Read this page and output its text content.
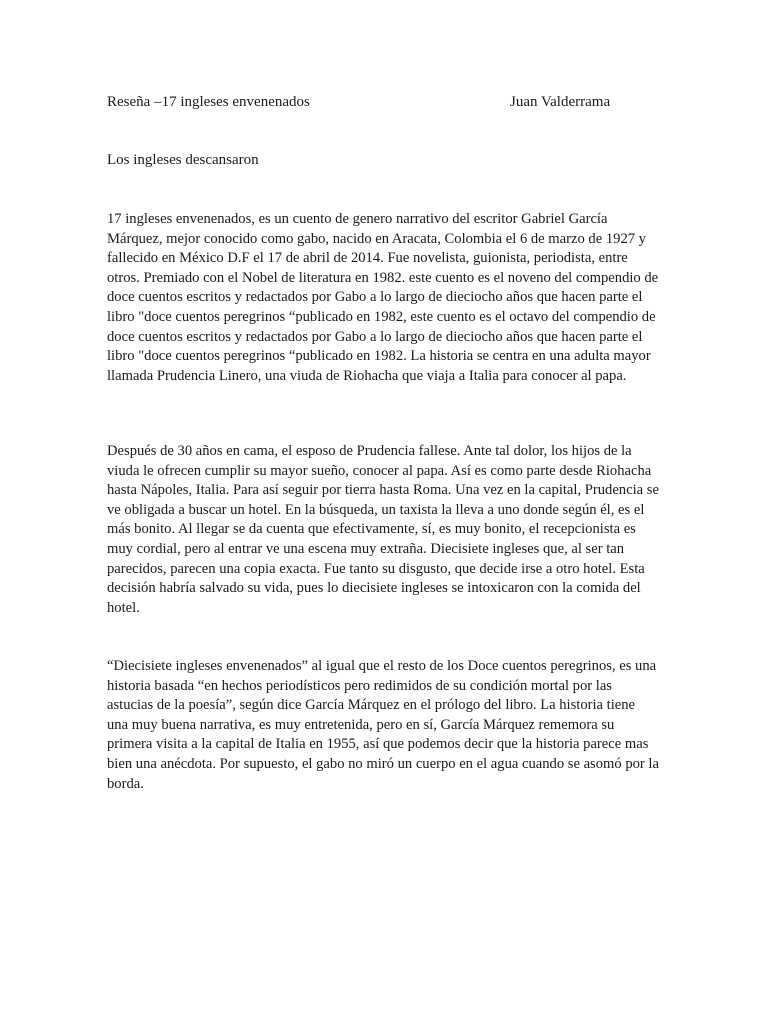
Reseña –17 ingleses envenenados	Juan Valderrama
Los ingleses descansaron

17 ingleses envenenados, es un cuento de genero narrativo del escritor Gabriel García Márquez, mejor conocido como gabo, nacido en Aracata, Colombia el 6 de marzo de 1927 y fallecido en México D.F el 17 de abril de 2014. Fue novelista, guionista, periodista, entre otros. Premiado con el Nobel de literatura en 1982. este cuento es el noveno del compendio de doce cuentos escritos y redactados por Gabo a lo largo de dieciocho años que hacen parte el libro "doce cuentos peregrinos “publicado en 1982, este cuento es el octavo del compendio de doce cuentos escritos y redactados por Gabo a lo largo de dieciocho años que hacen parte el libro "doce cuentos peregrinos “publicado en 1982. La historia se centra en una adulta mayor llamada Prudencia Linero, una viuda de Riohacha que viaja a Italia para conocer al papa.

Después de 30 años en cama, el esposo de Prudencia fallese. Ante tal dolor, los hijos de la viuda le ofrecen cumplir su mayor sueño, conocer al papa. Así es como parte desde Riohacha hasta Nápoles, Italia. Para así seguir por tierra hasta Roma. Una vez en la capital, Prudencia se ve obligada a buscar un hotel. En la búsqueda, un taxista la lleva a uno donde según él, es el más bonito. Al llegar se da cuenta que efectivamente, sí, es muy bonito, el recepcionista es muy cordial, pero al entrar ve una escena muy extraña. Diecisiete ingleses que, al ser tan parecidos, parecen una copia exacta. Fue tanto su disgusto, que decide irse a otro hotel. Esta decisión habría salvado su vida, pues lo diecisiete ingleses se intoxicaron con la comida del hotel.

“Diecisiete ingleses envenenados” al igual que el resto de los Doce cuentos peregrinos, es una historia basada “en hechos periodísticos pero redimidos de su condición mortal por las astucias de la poesía”, según dice García Márquez en el prólogo del libro. La historia tiene una muy buena narrativa, es muy entretenida, pero en sí, García Márquez rememora su primera visita a la capital de Italia en 1955, así que podemos decir que la historia parece mas bien una anécdota. Por supuesto, el gabo no miró un cuerpo en el agua cuando se asomó por la borda.
